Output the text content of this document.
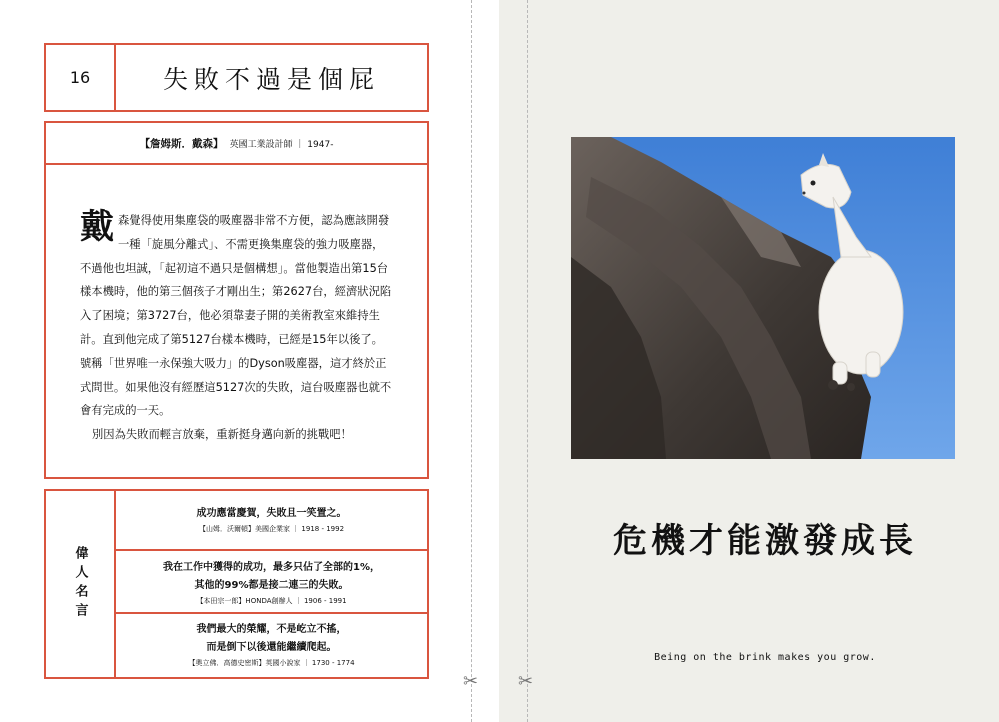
✂ ✂
16	失敗不過是個屁
【詹姆斯．戴森】 英國工業設計師 ｜ 1947-

戴森覺得使用集塵袋的吸塵器非常不方便，認為應該開發一種「旋風分離式」、不需更換集塵袋的強力吸塵器，不過他也坦誠，「起初這不過只是個構想」。當他製造出第15台樣本機時，他的第三個孩子才剛出生；第2627台，經濟狀況陷入了困境；第3727台，他必須靠妻子開的美術教室來維持生計。直到他完成了第5127台樣本機時，已經是15年以後了。號稱「世界唯一永保強大吸力」的Dyson吸塵器，這才終於正式問世。如果他沒有經歷這5127次的失敗，這台吸塵器也就不會有完成的一天。

別因為失敗而輕言放棄，重新挺身邁向新的挑戰吧！

偉人名言
成功應當慶賀，失敗且一笑置之。
【山姆．沃爾頓】美國企業家 ｜ 1918 - 1992
我在工作中獲得的成功，最多只佔了全部的1%，
其他的99%都是接二連三的失敗。
【本田宗一郎】HONDA創辦人 ｜ 1906 - 1991
我們最大的榮耀，不是屹立不搖，
而是倒下以後還能繼續爬起。
【奧立佛．高德史密斯】英國小說家 ｜ 1730 - 1774
危機才能激發成長
Being on the brink makes you grow.
